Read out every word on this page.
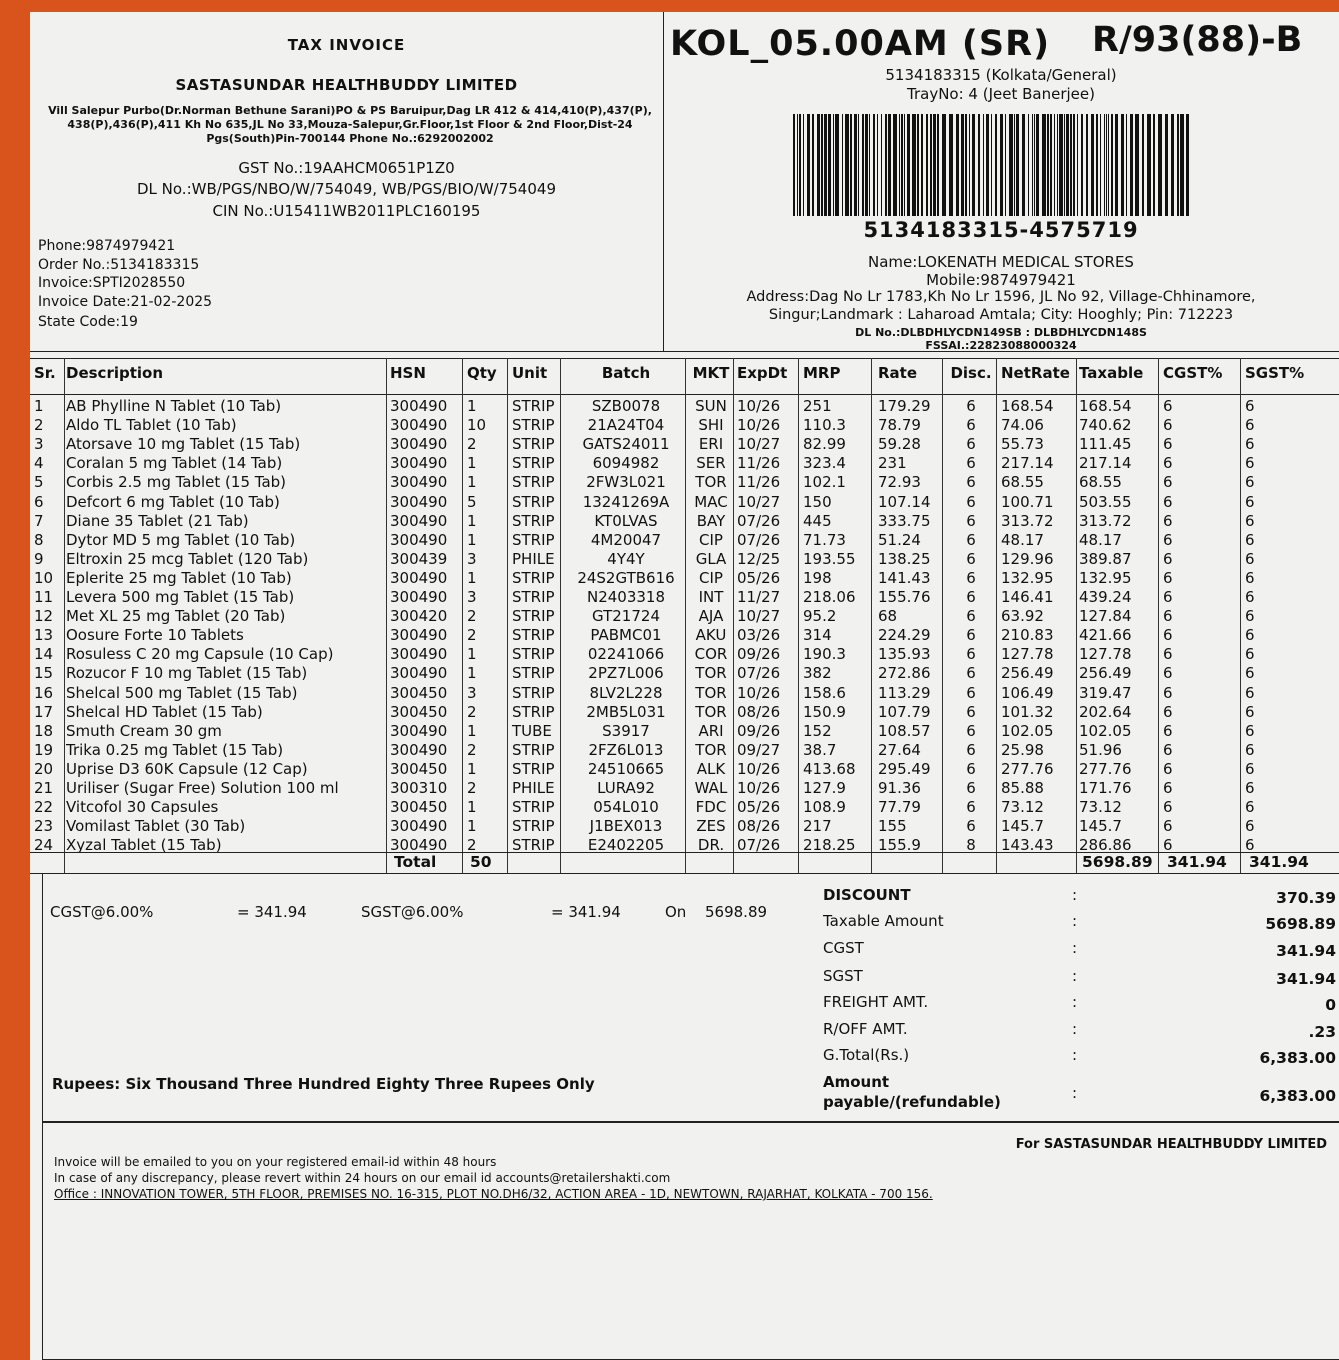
TAX INVOICE
SASTASUNDAR HEALTHBUDDY LIMITED
Vill Salepur Purbo(Dr.Norman Bethune Sarani)PO & PS Baruipur,Dag LR 412 & 414,410(P),437(P), 438(P),436(P),411 Kh No 635,JL No 33,Mouza-Salepur,Gr.Floor,1st Floor & 2nd Floor,Dist-24 Pgs(South)Pin-700144 Phone No.:6292002002
GST No.:19AAHCM0651P1Z0
DL No.:WB/PGS/NBO/W/754049, WB/PGS/BIO/W/754049
CIN No.:U15411WB2011PLC160195
Phone:9874979421
Order No.:5134183315
Invoice:SPTI2028550
Invoice Date:21-02-2025
State Code:19
KOL_05.00AM (SR) R/93(88)-B
5134183315 (Kolkata/General)
TrayNo: 4 (Jeet Banerjee)
5134183315-4575719
Name:LOKENATH MEDICAL STORES
Mobile:9874979421
Address:Dag No Lr 1783,Kh No Lr 1596, JL No 92, Village-Chhinamore,
Singur;Landmark : Laharoad Amtala; City: Hooghly; Pin: 712223
DL No.:DLBDHLYCDN149SB : DLBDHLYCDN148S
FSSAI.:22823088000324
Sr. Description	HSN	Qty Unit	Batch	MKT ExpDt MRP	Rate Disc. NetRate Taxable CGST% SGST%
1 AB Phylline N Tablet (10 Tab)	300490 1 STRIP	SZB0078	SUN 10/26 251	179.29	6	168.54 168.54 6	6
2 Aldo TL Tablet (10 Tab)	300490 10 STRIP	21A24T04	SHI 10/26 110.3 78.79	6	74.06 740.62 6	6
3 Atorsave 10 mg Tablet (15 Tab)	300490 2 STRIP	GATS24011	ERI 10/27 82.99 59.28	6	55.73 111.45 6	6
4 Coralan 5 mg Tablet (14 Tab)	300490 1 STRIP	6094982	SER 11/26 323.4 231	6	217.14 217.14 6	6
5 Corbis 2.5 mg Tablet (15 Tab)	300490 1 STRIP	2FW3L021	TOR 11/26 102.1 72.93	6	68.55 68.55	6	6
6 Defcort 6 mg Tablet (10 Tab)	300490 5 STRIP	13241269A	MAC 10/27 150	107.14	6	100.71 503.55 6	6
7 Diane 35 Tablet (21 Tab)	300490 1 STRIP	KT0LVAS	BAY 07/26 445	333.75	6	313.72 313.72 6	6
8 Dytor MD 5 mg Tablet (10 Tab)	300490 1 STRIP	4M20047	CIP 07/26 71.73 51.24	6	48.17 48.17	6	6
9 Eltroxin 25 mcg Tablet (120 Tab)	300439 3 PHILE	4Y4Y	GLA 12/25 193.55 138.25	6	129.96 389.87 6	6
10 Eplerite 25 mg Tablet (10 Tab)	300490 1 STRIP	24S2GTB616	CIP 05/26 198	141.43	6	132.95 132.95 6	6
11 Levera 500 mg Tablet (15 Tab)	300490 3 STRIP	N2403318	INT 11/27 218.06 155.76	6	146.41 439.24 6	6
12 Met XL 25 mg Tablet (20 Tab)	300420 2 STRIP	GT21724	AJA 10/27 95.2	68	6	63.92 127.84 6	6
13 Oosure Forte 10 Tablets	300490 2 STRIP	PABMC01	AKU 03/26 314	224.29	6	210.83 421.66 6	6
14 Rosuless C 20 mg Capsule (10 Cap)	300490 1 STRIP	02241066	COR 09/26 190.3 135.93	6	127.78 127.78 6	6
15 Rozucor F 10 mg Tablet (15 Tab)	300490 1 STRIP	2PZ7L006	TOR 07/26 382	272.86	6	256.49 256.49 6	6
16 Shelcal 500 mg Tablet (15 Tab)	300450 3 STRIP	8LV2L228	TOR 10/26 158.6 113.29	6	106.49 319.47 6	6
17 Shelcal HD Tablet (15 Tab)	300450 2 STRIP	2MB5L031	TOR 08/26 150.9 107.79	6	101.32 202.64 6	6
18 Smuth Cream 30 gm	300490 1 TUBE	S3917	ARI 09/26 152	108.57	6	102.05 102.05 6	6
19 Trika 0.25 mg Tablet (15 Tab)	300490 2 STRIP	2FZ6L013	TOR 09/27 38.7	27.64	6	25.98 51.96	6	6
20 Uprise D3 60K Capsule (12 Cap)	300450 1 STRIP	24510665	ALK 10/26 413.68 295.49	6	277.76 277.76 6	6
21 Uriliser (Sugar Free) Solution 100 ml	300310 2 PHILE	LURA92	WAL 10/26 127.9 91.36	6	85.88 171.76 6	6
22 Vitcofol 30 Capsules	300450 1 STRIP	054L010	FDC 05/26 108.9 77.79	6	73.12 73.12	6	6
23 Vomilast Tablet (30 Tab)	300490 1 STRIP	J1BEX013	ZES 08/26 217	155	6	145.7 145.7	6	6
24 Xyzal Tablet (15 Tab)	300490 2 STRIP	E2402205	DR. 07/26 218.25 155.9	8	143.43 286.86 6	6
Total 50	5698.89 341.94 341.94
CGST@6.00%	= 341.94	SGST@6.00%	= 341.94	On 5698.89
DISCOUNT	:	370.39
Taxable Amount	:	5698.89
CGST	:	341.94
SGST	:	341.94
FREIGHT AMT.	:	0
R/OFF AMT.	:	.23
G.Total(Rs.)	:	6,383.00
Amount
payable/(refundable)	:	6,383.00
Rupees: Six Thousand Three Hundred Eighty Three Rupees Only
For SASTASUNDAR HEALTHBUDDY LIMITED
Invoice will be emailed to you on your registered email-id within 48 hours
In case of any discrepancy, please revert within 24 hours on our email id accounts@retailershakti.com
Office : INNOVATION TOWER, 5TH FLOOR, PREMISES NO. 16-315, PLOT NO.DH6/32, ACTION AREA - 1D, NEWTOWN, RAJARHAT, KOLKATA - 700 156.
